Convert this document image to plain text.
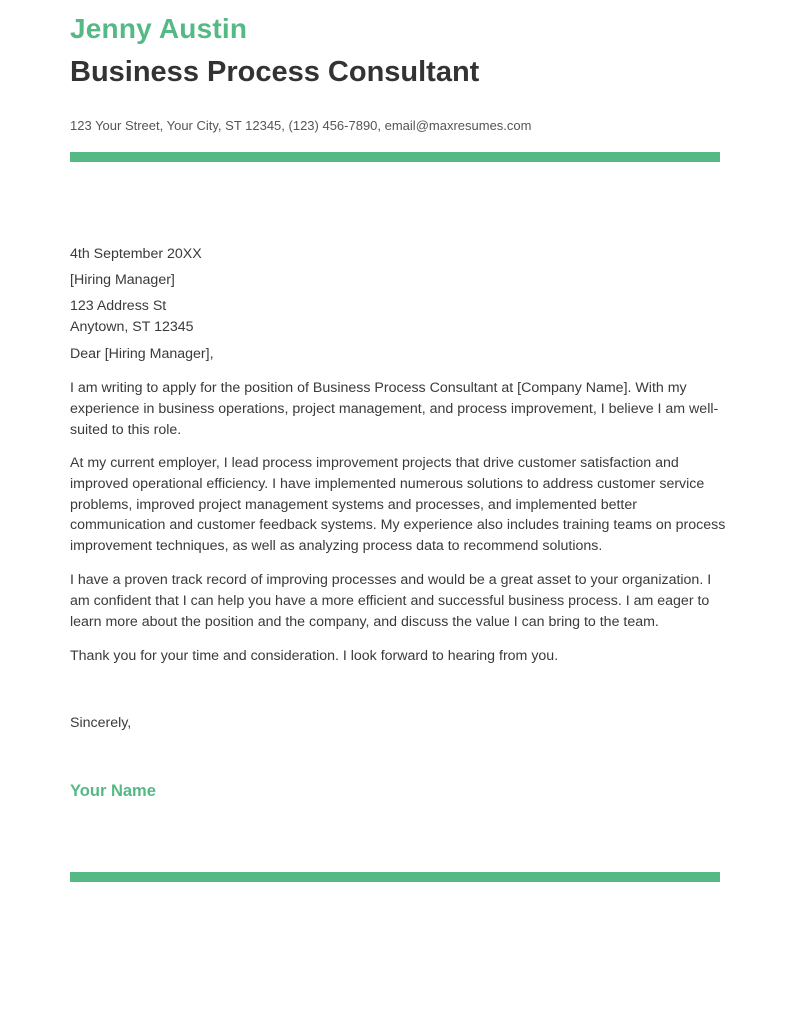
Jenny Austin
Business Process Consultant
123 Your Street, Your City, ST 12345, (123) 456-7890, email@maxresumes.com

4th September 20XX

[Hiring Manager]

123 Address St
Anytown, ST 12345

Dear [Hiring Manager],

I am writing to apply for the position of Business Process Consultant at [Company Name]. With my
experience in business operations, project management, and process improvement, I believe I am well-
suited to this role.

At my current employer, I lead process improvement projects that drive customer satisfaction and
improved operational efficiency. I have implemented numerous solutions to address customer service
problems, improved project management systems and processes, and implemented better
communication and customer feedback systems. My experience also includes training teams on process
improvement techniques, as well as analyzing process data to recommend solutions.

I have a proven track record of improving processes and would be a great asset to your organization. I
am confident that I can help you have a more efficient and successful business process. I am eager to
learn more about the position and the company, and discuss the value I can bring to the team.

Thank you for your time and consideration. I look forward to hearing from you.

Sincerely,

Your Name
